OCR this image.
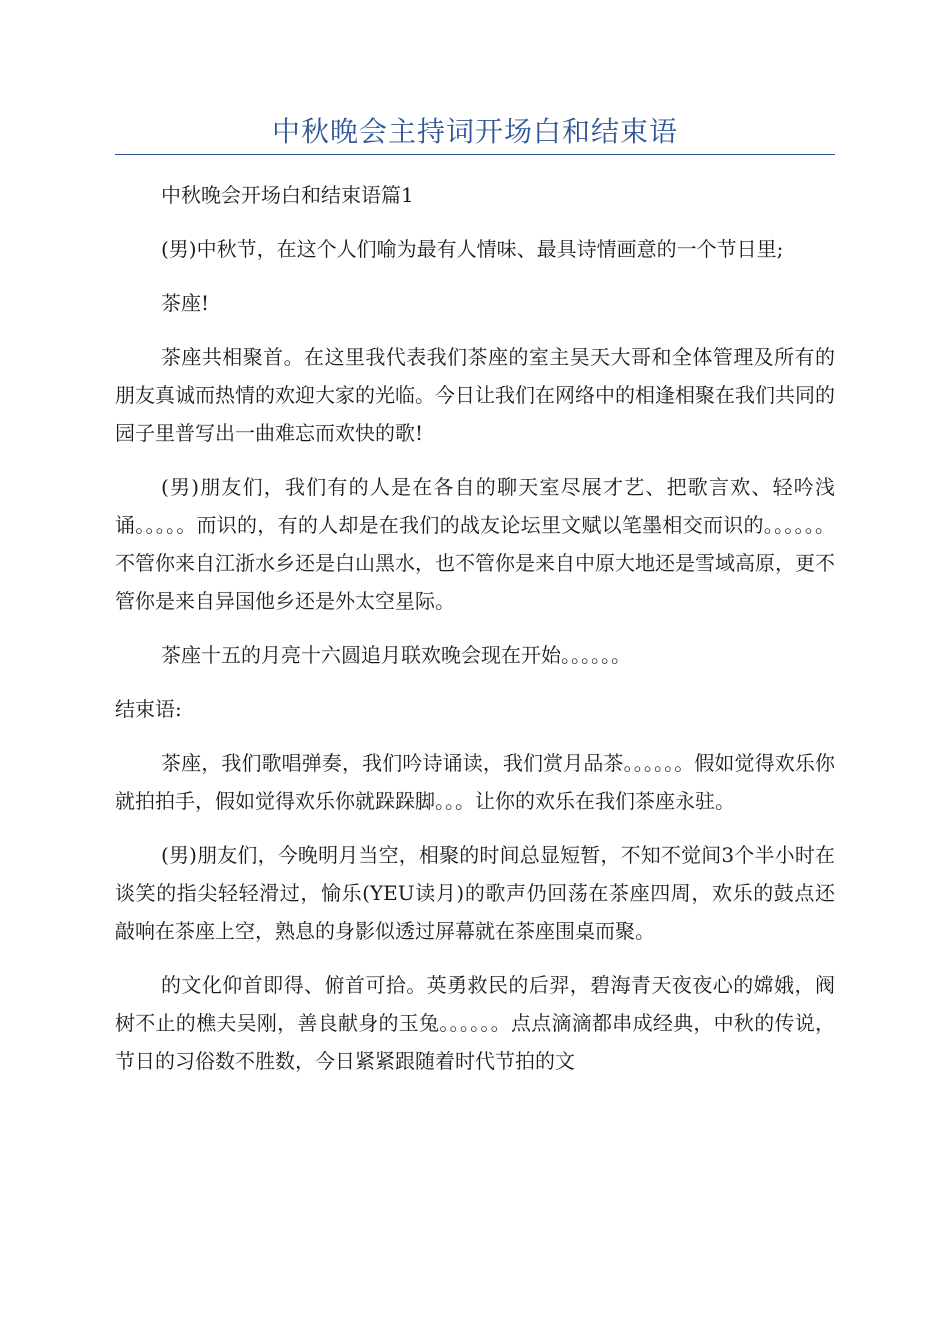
中秋晚会主持词开场白和结束语

中秋晚会开场白和结束语篇1

(男)中秋节，在这个人们喻为最有人情味、最具诗情画意的一个节日里;

茶座!

茶座共相聚首。在这里我代表我们茶座的室主昊天大哥和全体管理及所有的朋友真诚而热情的欢迎大家的光临。今日让我们在网络中的相逢相聚在我们共同的园子里普写出一曲难忘而欢快的歌!

(男)朋友们，我们有的人是在各自的聊天室尽展才艺、把歌言欢、轻吟浅诵。。。。。而识的，有的人却是在我们的战友论坛里文赋以笔墨相交而识的。。。。。。不管你来自江浙水乡还是白山黑水，也不管你是来自中原大地还是雪域高原，更不管你是来自异国他乡还是外太空星际。

茶座十五的月亮十六圆追月联欢晚会现在开始。。。。。。

结束语:

茶座，我们歌唱弹奏，我们吟诗诵读，我们赏月品茶。。。。。。假如觉得欢乐你就拍拍手，假如觉得欢乐你就跺跺脚。。。让你的欢乐在我们茶座永驻。

(男)朋友们，今晚明月当空，相聚的时间总显短暂，不知不觉间3个半小时在谈笑的指尖轻轻滑过，愉乐(YEU读月)的歌声仍回荡在茶座四周，欢乐的鼓点还敲响在茶座上空，熟息的身影似透过屏幕就在茶座围桌而聚。

的文化仰首即得、俯首可拾。英勇救民的后羿，碧海青天夜夜心的嫦娥，阀树不止的樵夫吴刚，善良献身的玉兔。。。。。。点点滴滴都串成经典，中秋的传说，节日的习俗数不胜数，今日紧紧跟随着时代节拍的文
